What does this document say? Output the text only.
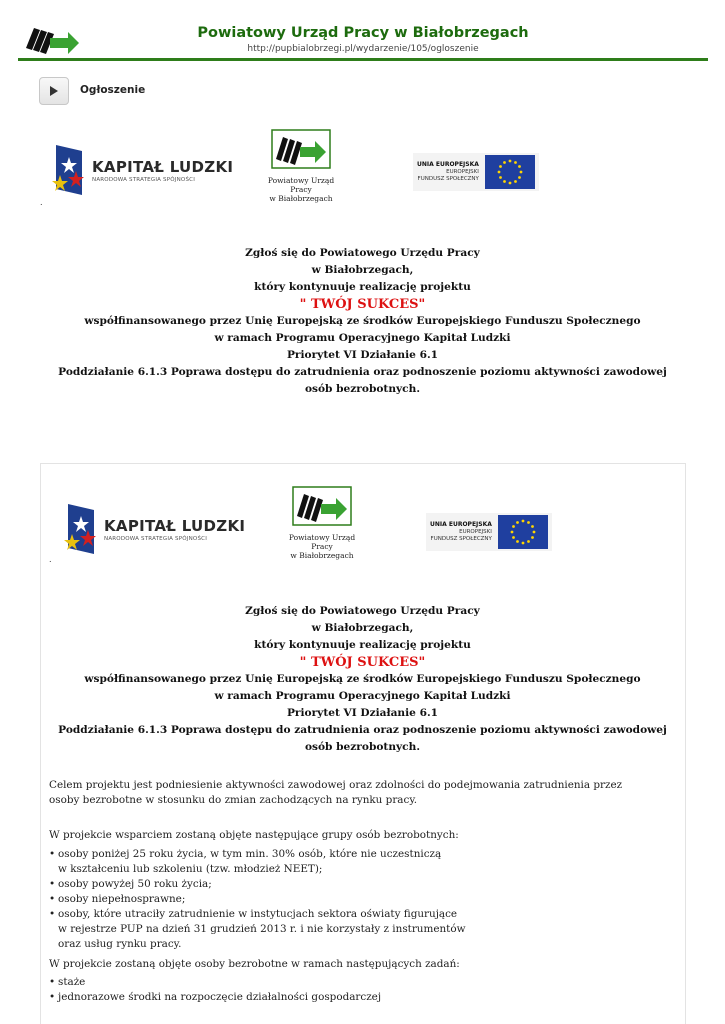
Powiatowy Urząd Pracy w Białobrzegach
http://pupbialobrzegi.pl/wydarzenie/105/ogloszenie
Ogłoszenie
KAPITAŁ LUDZKI
NARODOWA STRATEGIA SPÓJNOŚCI	Powiatowy Urząd Pracy
w Białobrzegach
UNIA EUROPEJSKA
EUROPEJSKI
FUNDUSZ SPOŁECZNY
.
Zgłoś się do Powiatowego Urzędu Pracy
w Białobrzegach,
który kontynuuje realizację projektu
" TWÓJ SUKCES"
współfinansowanego przez Unię Europejską ze środków Europejskiego Funduszu Społecznego
w ramach Programu Operacyjnego Kapitał Ludzki
Priorytet VI Działanie 6.1
Poddziałanie 6.1.3 Poprawa dostępu do zatrudnienia oraz podnoszenie poziomu aktywności zawodowej
osób bezrobotnych.
KAPITAŁ LUDZKI
NARODOWA STRATEGIA SPÓJNOŚCI	Powiatowy Urząd Pracy
w Białobrzegach
UNIA EUROPEJSKA
EUROPEJSKI
FUNDUSZ SPOŁECZNY
.
Zgłoś się do Powiatowego Urzędu Pracy
w Białobrzegach,
który kontynuuje realizację projektu
" TWÓJ SUKCES"
współfinansowanego przez Unię Europejską ze środków Europejskiego Funduszu Społecznego
w ramach Programu Operacyjnego Kapitał Ludzki
Priorytet VI Działanie 6.1
Poddziałanie 6.1.3 Poprawa dostępu do zatrudnienia oraz podnoszenie poziomu aktywności zawodowej
osób bezrobotnych.
Celem projektu jest podniesienie aktywności zawodowej oraz zdolności do podejmowania zatrudnienia przez
osoby bezrobotne w stosunku do zmian zachodzących na rynku pracy.
W projekcie wsparciem zostaną objęte następujące grupy osób bezrobotnych:
• osoby poniżej 25 roku życia, w tym min. 30% osób, które nie uczestniczą
w kształceniu lub szkoleniu (tzw. młodzież NEET);
• osoby powyżej 50 roku życia;
• osoby niepełnosprawne;
• osoby, które utraciły zatrudnienie w instytucjach sektora oświaty figurujące
w rejestrze PUP na dzień 31 grudzień 2013 r. i nie korzystały z instrumentów
oraz usług rynku pracy.
W projekcie zostaną objęte osoby bezrobotne w ramach następujących zadań:
• staże
• jednorazowe środki na rozpoczęcie działalności gospodarczej
